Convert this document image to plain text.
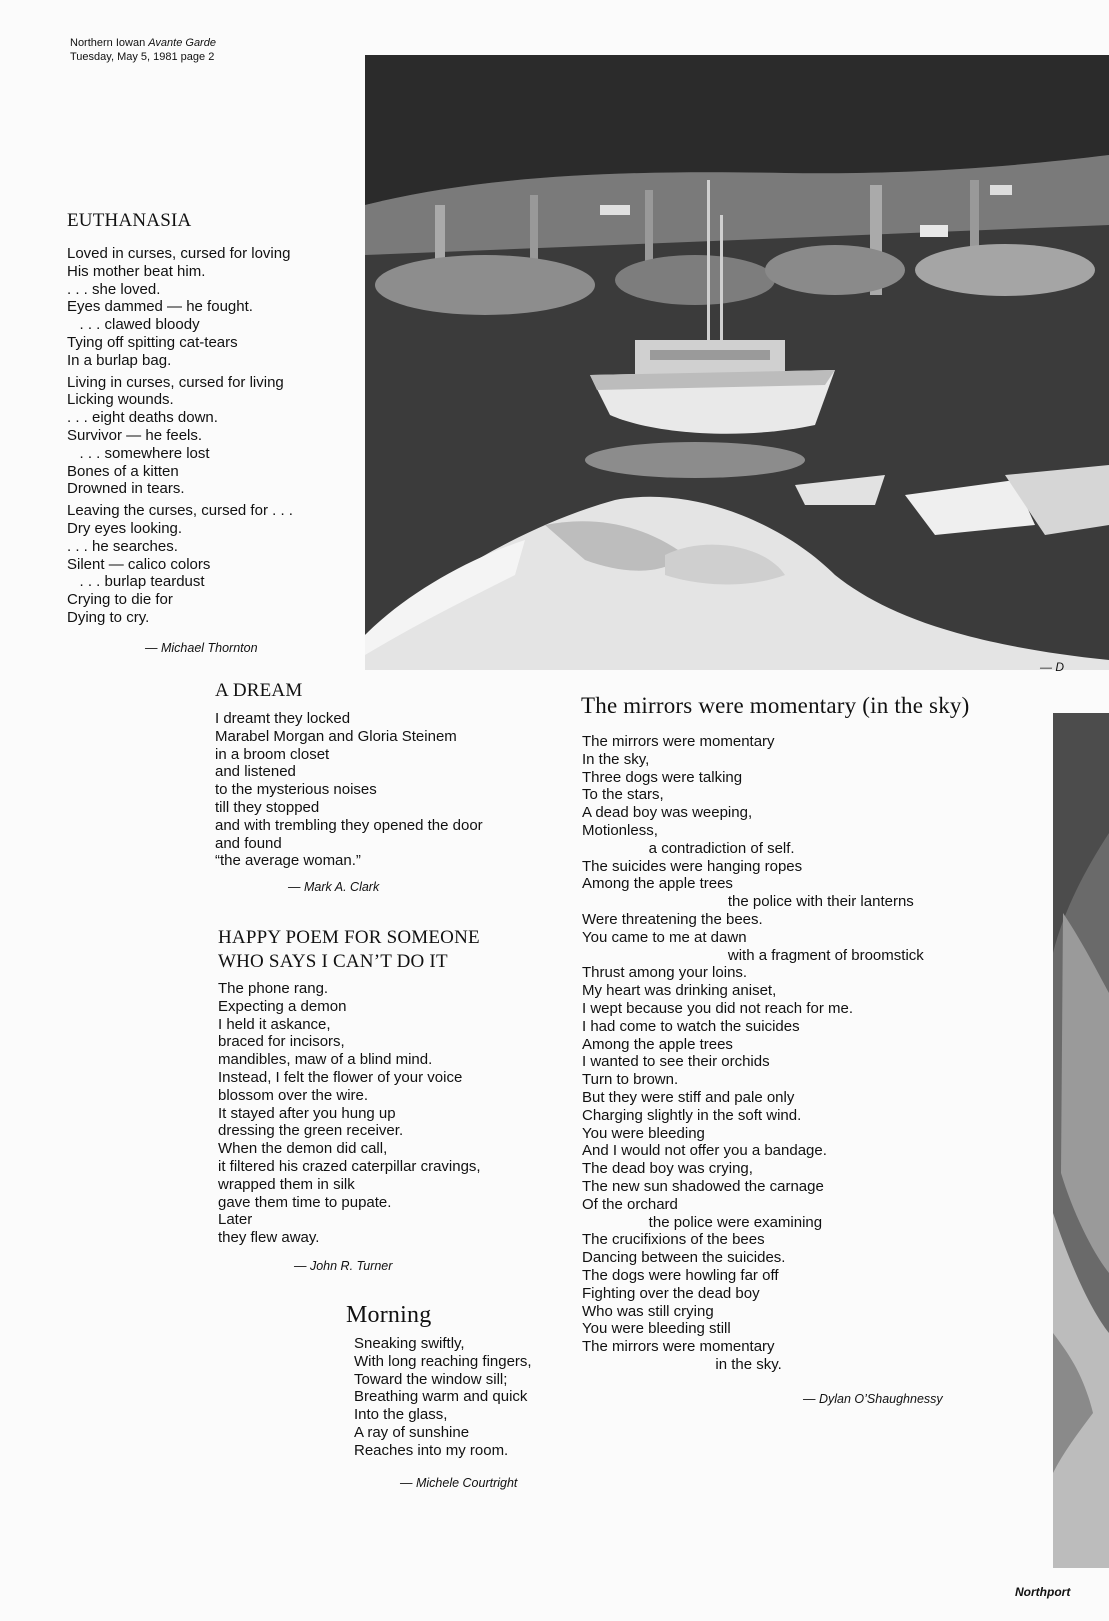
Northern Iowan Avante Garde
Tuesday, May 5, 1981 page 2
— D
Northport
EUTHANASIA
Loved in curses, cursed for loving
His mother beat him.
. . . she loved.
Eyes dammed — he fought.
. . . clawed bloody
Tying off spitting cat-tears
In a burlap bag.
Living in curses, cursed for living
Licking wounds.
. . . eight deaths down.
Survivor — he feels.
. . . somewhere lost
Bones of a kitten
Drowned in tears.
Leaving the curses, cursed for . . .
Dry eyes looking.
. . . he searches.
Silent — calico colors
. . . burlap teardust
Crying to die for
Dying to cry.
— Michael Thornton
A DREAM
I dreamt they locked
Marabel Morgan and Gloria Steinem
in a broom closet
and listened
to the mysterious noises
till they stopped
and with trembling they opened the door
and found
“the average woman.”
— Mark A. Clark
HAPPY POEM FOR SOMEONE
WHO SAYS I CAN’T DO IT
The phone rang.
Expecting a demon
I held it askance,
braced for incisors,
mandibles, maw of a blind mind.
Instead, I felt the flower of your voice
blossom over the wire.
It stayed after you hung up
dressing the green receiver.
When the demon did call,
it filtered his crazed caterpillar cravings,
wrapped them in silk
gave them time to pupate.
Later
they flew away.
— John R. Turner
Morning
Sneaking swiftly,
With long reaching fingers,
Toward the window sill;
Breathing warm and quick
Into the glass,
A ray of sunshine
Reaches into my room.
— Michele Courtright
The mirrors were momentary (in the sky)
The mirrors were momentary
In the sky,
Three dogs were talking
To the stars,
A dead boy was weeping,
Motionless,
a contradiction of self.
The suicides were hanging ropes
Among the apple trees
the police with their lanterns
Were threatening the bees.
You came to me at dawn
with a fragment of broomstick
Thrust among your loins.
My heart was drinking aniset,
I wept because you did not reach for me.
I had come to watch the suicides
Among the apple trees
I wanted to see their orchids
Turn to brown.
But they were stiff and pale only
Charging slightly in the soft wind.
You were bleeding
And I would not offer you a bandage.
The dead boy was crying,
The new sun shadowed the carnage
Of the orchard
the police were examining
The crucifixions of the bees
Dancing between the suicides.
The dogs were howling far off
Fighting over the dead boy
Who was still crying
You were bleeding still
The mirrors were momentary
in the sky.
— Dylan O’Shaughnessy
